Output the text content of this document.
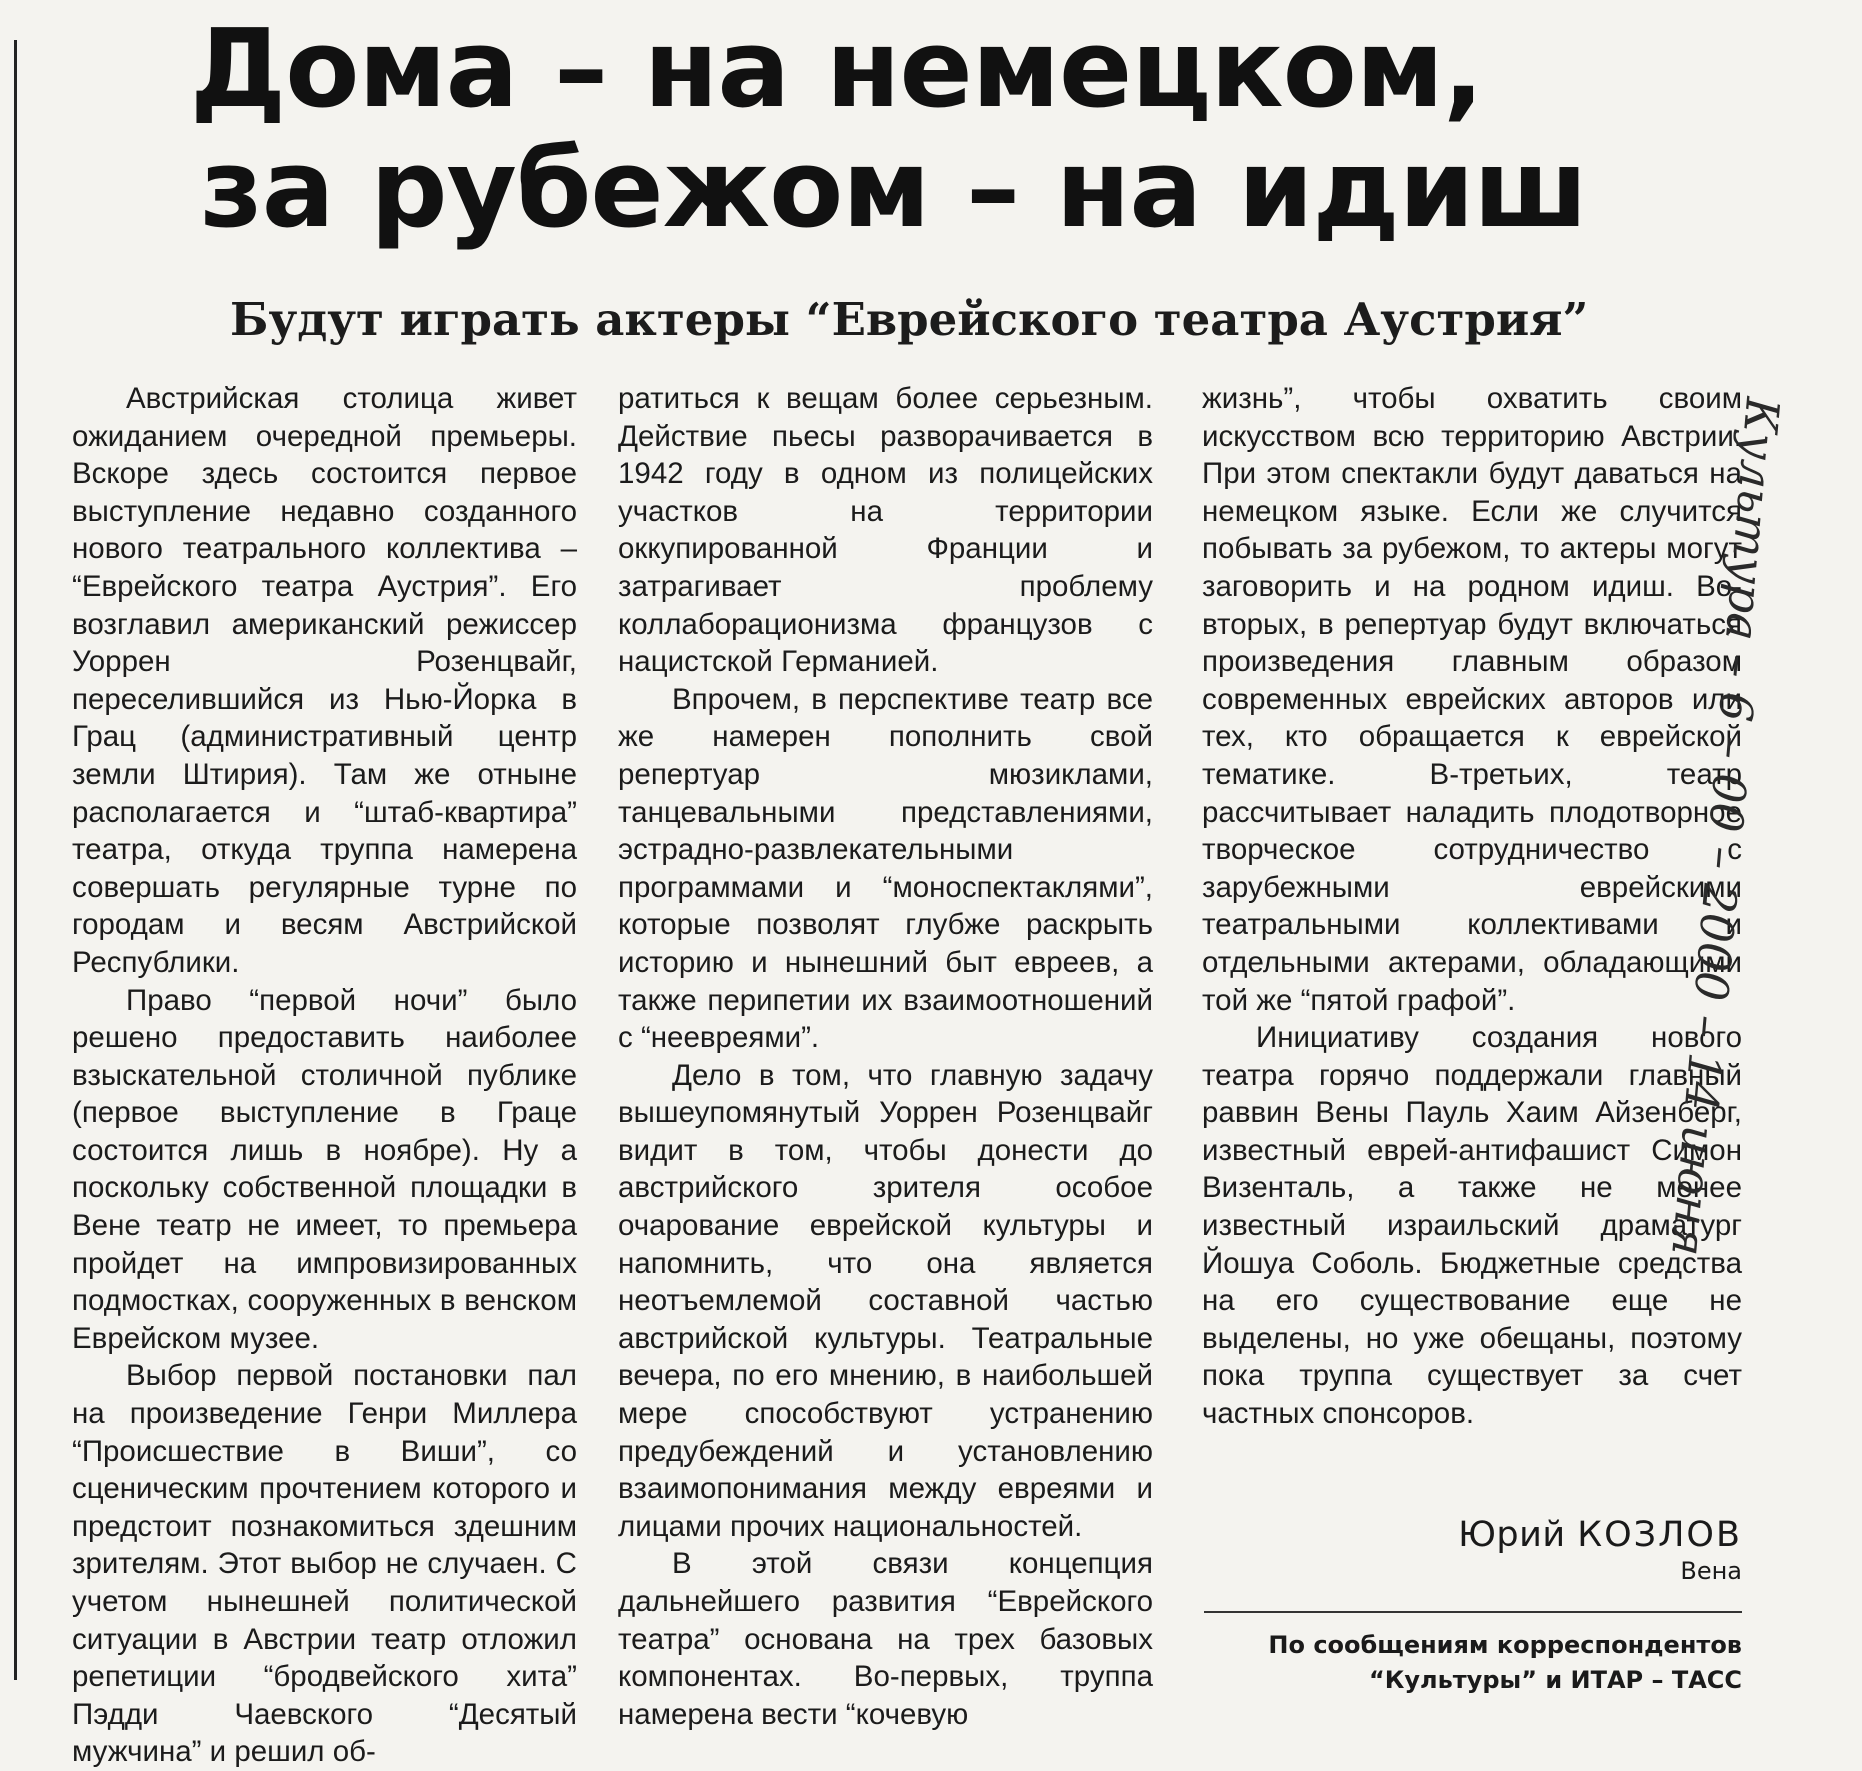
Дома – на немецком,
за рубежом – на идиш
Будут играть актеры “Еврейского театра Аустрия”

Австрийская столица живет ожиданием очередной премьеры. Вскоре здесь состоится первое выступление недавно созданного нового театрального коллектива – “Еврейского театра Аустрия”. Его возглавил американский режиссер Уоррен Розенцвайг, переселившийся из Нью-Йорка в Грац (административный центр земли Штирия). Там же отныне располагается и “штаб-квартира” театра, откуда труппа намерена совершать регулярные турне по городам и весям Австрийской Республики.

Право “первой ночи” было решено предоставить наиболее взыскательной столичной публике (первое выступление в Граце состоится лишь в ноябре). Ну а поскольку собственной площадки в Вене театр не имеет, то премьера пройдет на импровизированных подмостках, сооруженных в венском Еврейском музее.

Выбор первой постановки пал на произведение Генри Миллера “Происшествие в Виши”, со сценическим прочтением которого и предстоит познакомиться здешним зрителям. Этот выбор не случаен. С учетом нынешней политической ситуации в Австрии театр отложил репетиции “бродвейского хита” Пэдди Чаевского “Десятый мужчина” и решил об-

ратиться к вещам более серьезным. Действие пьесы разворачивается в 1942 году в одном из полицейских участков на территории оккупированной Франции и затрагивает проблему коллаборационизма французов с нацистской Германией.

Впрочем, в перспективе театр все же намерен пополнить свой репертуар мюзиклами, танцевальными представлениями, эстрадно-развлекательными программами и “моноспектаклями”, которые позволят глубже раскрыть историю и нынешний быт евреев, а также перипетии их взаимоотношений с “неевреями”.

Дело в том, что главную задачу вышеупомянутый Уоррен Розенцвайг видит в том, чтобы донести до австрийского зрителя особое очарование еврейской культуры и напомнить, что она является неотъемлемой составной частью австрийской культуры. Театральные вечера, по его мнению, в наибольшей мере способствуют устранению предубеждений и установлению взаимопонимания между евреями и лицами прочих национальностей.

В этой связи концепция дальнейшего развития “Еврейского театра” основана на трех базовых компонентах. Во-первых, труппа намерена вести “кочевую

жизнь”, чтобы охватить своим искусством всю территорию Австрии. При этом спектакли будут даваться на немецком языке. Если же случится побывать за рубежом, то актеры могут заговорить и на родном идиш. Во-вторых, в репертуар будут включаться произведения главным образом современных еврейских авторов или тех, кто обращается к еврейской тематике. В-третьих, театр рассчитывает наладить плодотворное творческое сотрудничество с зарубежными еврейскими театральными коллективами и отдельными актерами, обладающими той же “пятой графой”.

Инициативу создания нового театра горячо поддержали главный раввин Вены Пауль Хаим Айзенберг, известный еврей-антифашист Симон Визенталь, а также не менее известный израильский драматург Йошуа Соболь. Бюджетные средства на его существование еще не выделены, но уже обещаны, поэтому пока труппа существует за счет частных спонсоров.

Юрий КОЗЛОВ
Вена
По сообщениям корреспондентов
“Культуры” и ИТАР – ТАСС
Культура – 6 – 00 – 2000 – 14 июня
